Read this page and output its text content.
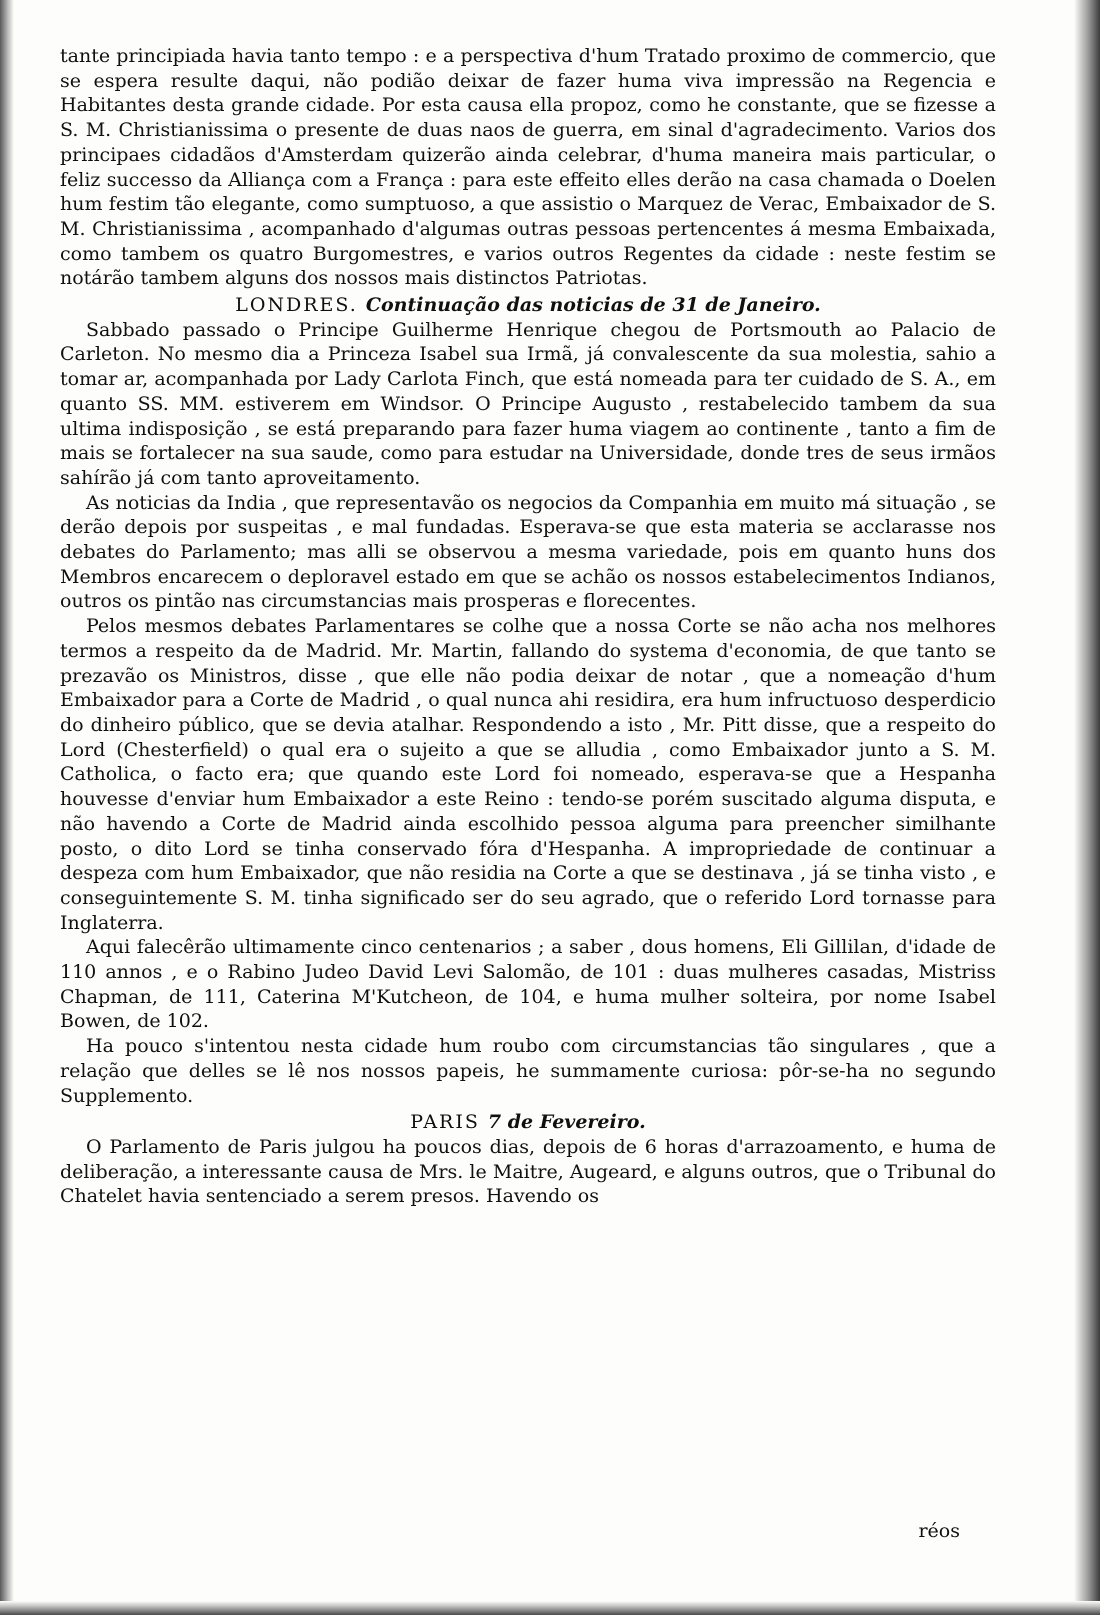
tante principiada havia tanto tempo : e a perspectiva d'hum Tratado proximo de commercio, que se espera resulte daqui, não podião deixar de fazer huma viva impressão na Regencia e Habitantes desta grande cidade. Por esta causa ella propoz, como he constante, que se fizesse a S. M. Christianissima o presente de duas naos de guerra, em sinal d'agradecimento. Varios dos principaes cidadãos d'Amsterdam quizerão ainda celebrar, d'huma maneira mais particular, o feliz successo da Alliança com a França : para este effeito elles derão na casa chamada o Doelen hum festim tão elegante, como sumptuoso, a que assistio o Marquez de Verac, Embaixador de S. M. Christianissima , acompanhado d'algumas outras pessoas pertencentes á mesma Embaixada, como tambem os quatro Burgomestres, e varios outros Regentes da cidade : neste festim se notárão tambem alguns dos nossos mais distinctos Patriotas.

LONDRES. Continuação das noticias de 31 de Janeiro.

Sabbado passado o Principe Guilherme Henrique chegou de Portsmouth ao Palacio de Carleton. No mesmo dia a Princeza Isabel sua Irmã, já convalescente da sua molestia, sahio a tomar ar, acompanhada por Lady Carlota Finch, que está nomeada para ter cuidado de S. A., em quanto SS. MM. estiverem em Windsor. O Principe Augusto , restabelecido tambem da sua ultima indisposição , se está preparando para fazer huma viagem ao continente , tanto a fim de mais se fortalecer na sua saude, como para estudar na Universidade, donde tres de seus irmãos sahírão já com tanto aproveitamento.

As noticias da India , que representavão os negocios da Companhia em muito má situação , se derão depois por suspeitas , e mal fundadas. Esperava-se que esta materia se acclarasse nos debates do Parlamento; mas alli se observou a mesma variedade, pois em quanto huns dos Membros encarecem o deploravel estado em que se achão os nossos estabelecimentos Indianos, outros os pintão nas circumstancias mais prosperas e florecentes.

Pelos mesmos debates Parlamentares se colhe que a nossa Corte se não acha nos melhores termos a respeito da de Madrid. Mr. Martin, fallando do systema d'economia, de que tanto se prezavão os Ministros, disse , que elle não podia deixar de notar , que a nomeação d'hum Embaixador para a Corte de Madrid , o qual nunca ahi residira, era hum infructuoso desperdicio do dinheiro público, que se devia atalhar. Respondendo a isto , Mr. Pitt disse, que a respeito do Lord (Chesterfield) o qual era o sujeito a que se alludia , como Embaixador junto a S. M. Catholica, o facto era; que quando este Lord foi nomeado, esperava-se que a Hespanha houvesse d'enviar hum Embaixador a este Reino : tendo-se porém suscitado alguma disputa, e não havendo a Corte de Madrid ainda escolhido pessoa alguma para preencher similhante posto, o dito Lord se tinha conservado fóra d'Hespanha. A impropriedade de continuar a despeza com hum Embaixador, que não residia na Corte a que se destinava , já se tinha visto , e conseguintemente S. M. tinha significado ser do seu agrado, que o referido Lord tornasse para Inglaterra.

Aqui falecêrão ultimamente cinco centenarios ; a saber , dous homens, Eli Gillilan, d'idade de 110 annos , e o Rabino Judeo David Levi Salomão, de 101 : duas mulheres casadas, Mistriss Chapman, de 111, Caterina M'Kutcheon, de 104, e huma mulher solteira, por nome Isabel Bowen, de 102.

Ha pouco s'intentou nesta cidade hum roubo com circumstancias tão singulares , que a relação que delles se lê nos nossos papeis, he summamente curiosa: pôr-se-ha no segundo Supplemento.

PARIS 7 de Fevereiro.

O Parlamento de Paris julgou ha poucos dias, depois de 6 horas d'arrazoamento, e huma de deliberação, a interessante causa de Mrs. le Maitre, Augeard, e alguns outros, que o Tribunal do Chatelet havia sentenciado a serem presos. Havendo os

réos
